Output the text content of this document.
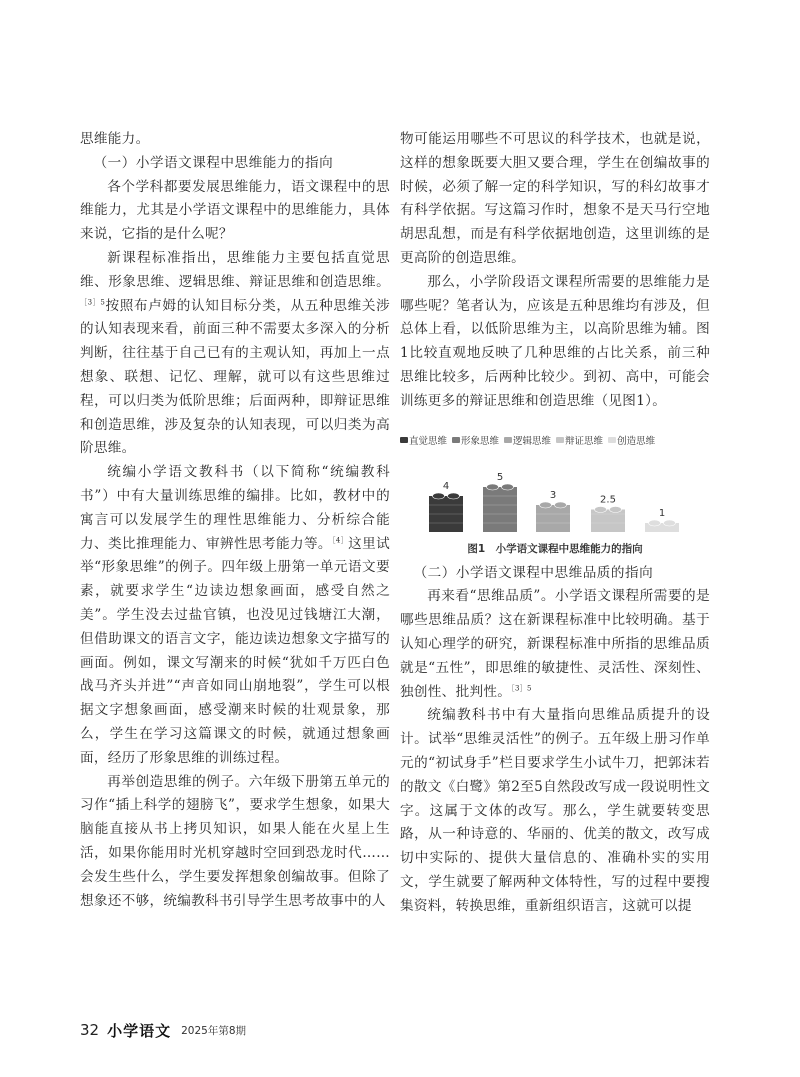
思维能力。

（一）小学语文课程中思维能力的指向

各个学科都要发展思维能力，语文课程中的思维能力，尤其是小学语文课程中的思维能力，具体来说，它指的是什么呢？

新课程标准指出，思维能力主要包括直觉思维、形象思维、逻辑思维、辩证思维和创造思维。$^{[3]5}$按照布卢姆的认知目标分类，从五种思维关涉的认知表现来看，前面三种不需要太多深入的分析判断，往往基于自己已有的主观认知，再加上一点想象、联想、记忆、理解，就可以有这些思维过程，可以归类为低阶思维；后面两种，即辩证思维和创造思维，涉及复杂的认知表现，可以归类为高阶思维。

统编小学语文教科书（以下简称“统编教科书”）中有大量训练思维的编排。比如，教材中的寓言可以发展学生的理性思维能力、分析综合能力、类比推理能力、审辨性思考能力等。$^{[4]}$这里试举“形象思维”的例子。四年级上册第一单元语文要素，就要求学生“边读边想象画面，感受自然之美”。学生没去过盐官镇，也没见过钱塘江大潮，但借助课文的语言文字，能边读边想象文字描写的画面。例如，课文写潮来的时候“犹如千万匹白色战马齐头并进”“声音如同山崩地裂”，学生可以根据文字想象画面，感受潮来时候的壮观景象，那么，学生在学习这篇课文的时候，就通过想象画面，经历了形象思维的训练过程。

再举创造思维的例子。六年级下册第五单元的习作“插上科学的翅膀飞”，要求学生想象，如果大脑能直接从书上拷贝知识，如果人能在火星上生活，如果你能用时光机穿越时空回到恐龙时代……会发生些什么，学生要发挥想象创编故事。但除了想象还不够，统编教科书引导学生思考故事中的人

物可能运用哪些不可思议的科学技术，也就是说，这样的想象既要大胆又要合理，学生在创编故事的时候，必须了解一定的科学知识，写的科幻故事才有科学依据。写这篇习作时，想象不是天马行空地胡思乱想，而是有科学依据地创造，这里训练的是更高阶的创造思维。

那么，小学阶段语文课程所需要的思维能力是哪些呢？笔者认为，应该是五种思维均有涉及，但总体上看，以低阶思维为主，以高阶思维为辅。图1比较直观地反映了几种思维的占比关系，前三种思维比较多，后两种比较少。到初、高中，可能会训练更多的辩证思维和创造思维（见图1）。

直觉思维 形象思维 逻辑思维 辩证思维 创造思维
4
5
3	2.5
1
图1　小学语文课程中思维能力的指向
（二）小学语文课程中思维品质的指向

再来看“思维品质”。小学语文课程所需要的是哪些思维品质？这在新课程标准中比较明确。基于认知心理学的研究，新课程标准中所指的思维品质就是“五性”，即思维的敏捷性、灵活性、深刻性、独创性、批判性。$^{[3]5}$

统编教科书中有大量指向思维品质提升的设计。试举“思维灵活性”的例子。五年级上册习作单元的“初试身手”栏目要求学生小试牛刀，把郭沫若的散文《白鹭》第2至5自然段改写成一段说明性文字。这属于文体的改写。那么，学生就要转变思路，从一种诗意的、华丽的、优美的散文，改写成切中实际的、提供大量信息的、准确朴实的实用文，学生就要了解两种文体特性，写的过程中要搜集资料，转换思维，重新组织语言，这就可以提

32 小学语文 2025年第8期
